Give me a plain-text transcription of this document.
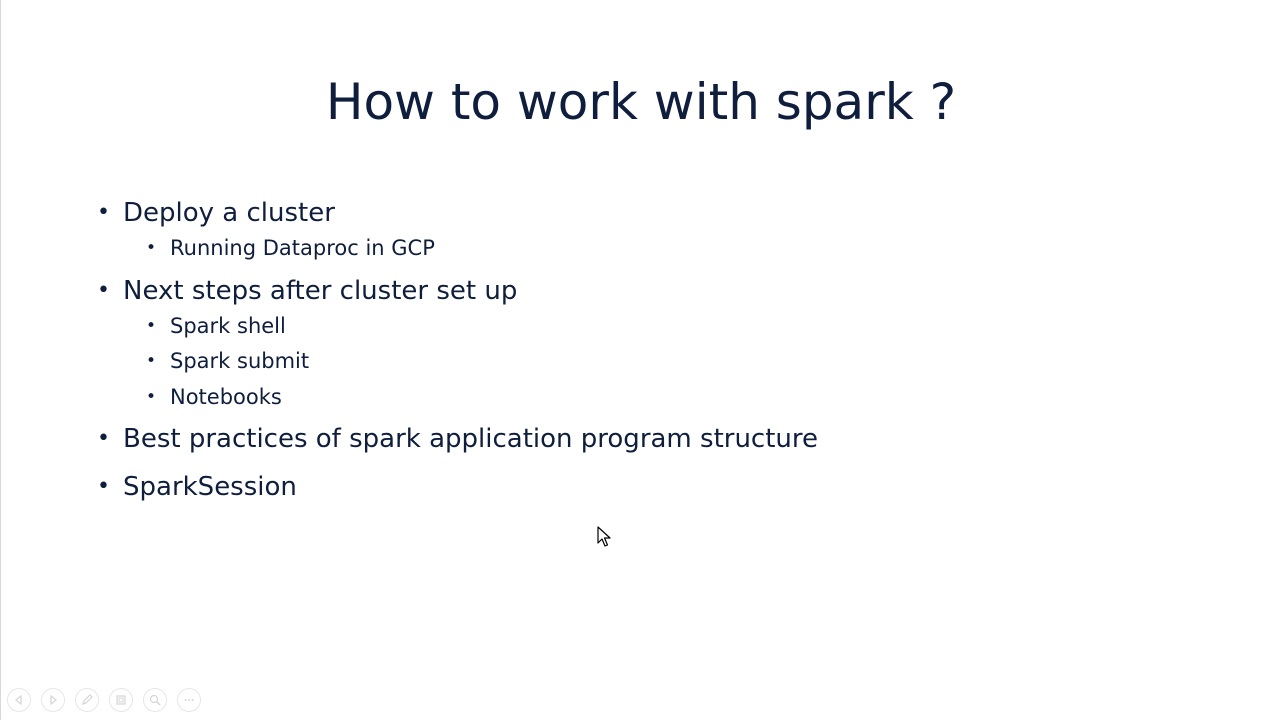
How to work with spark ?
• Deploy a cluster
• Running Dataproc in GCP
• Next steps after cluster set up
• Spark shell
• Spark submit
• Notebooks
• Best practices of spark application program structure
• SparkSession
